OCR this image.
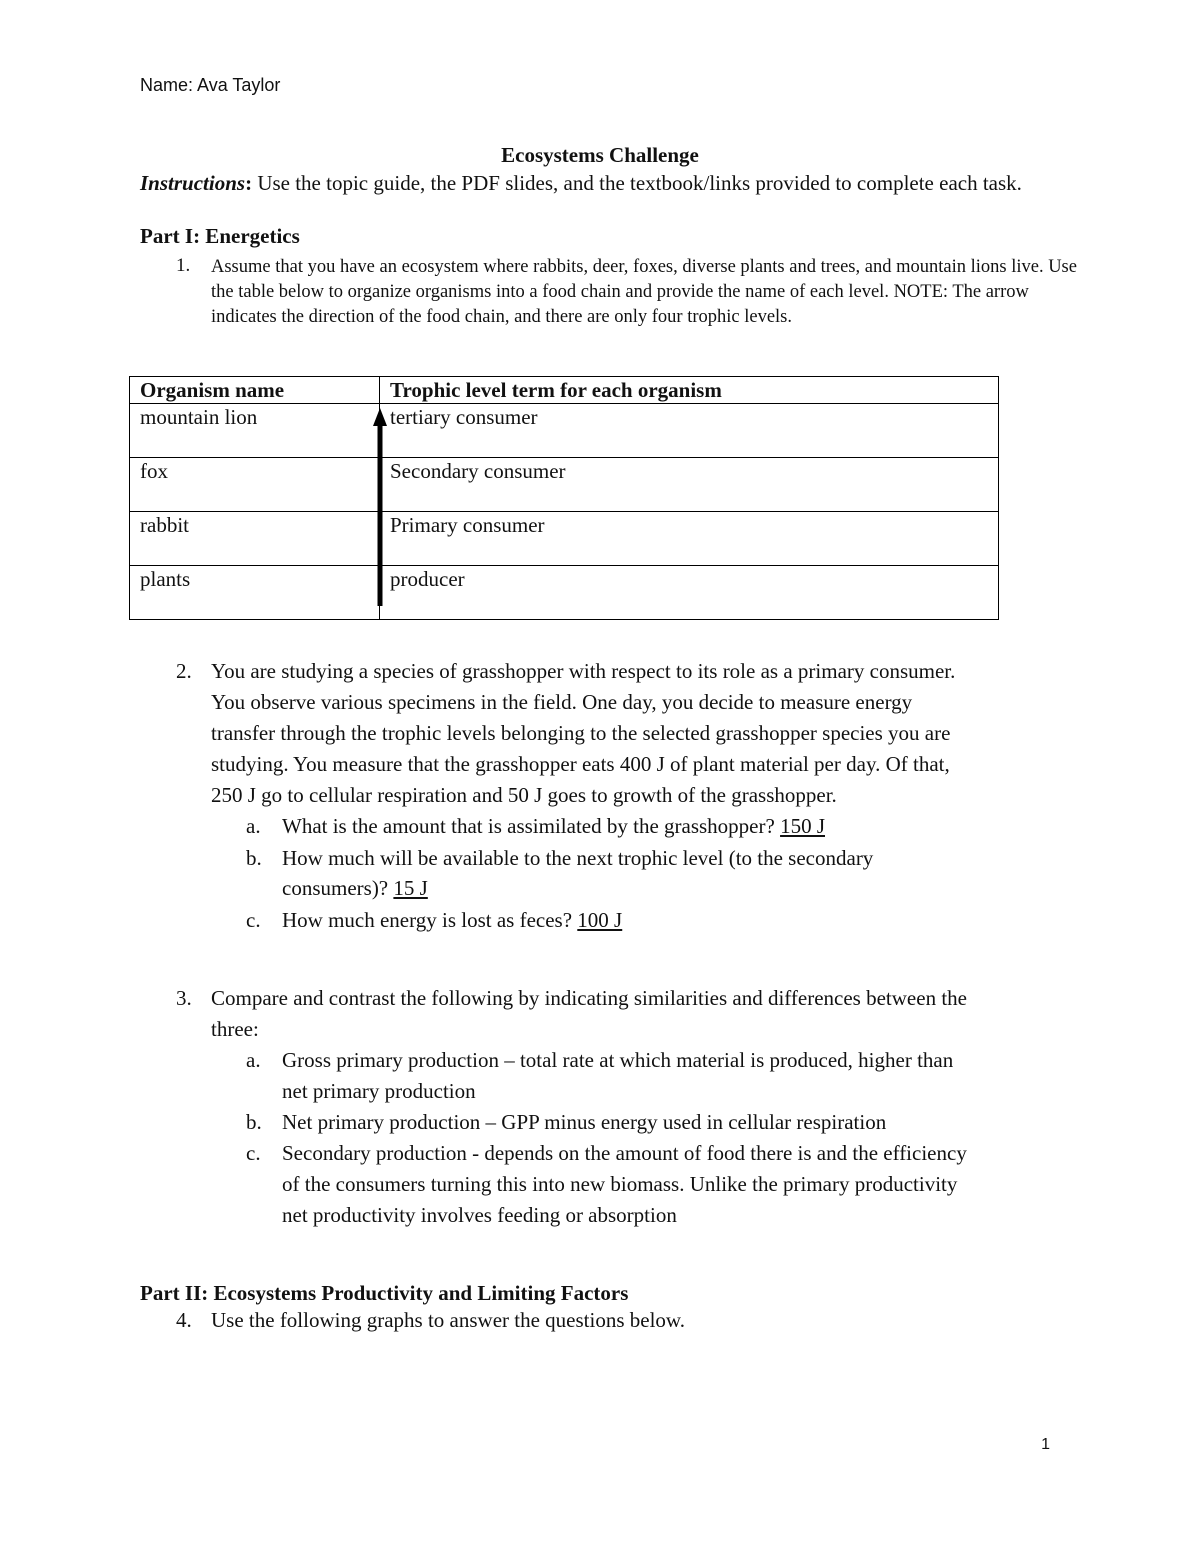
Name: Ava Taylor
Ecosystems Challenge
Instructions: Use the topic guide, the PDF slides, and the textbook/links provided to complete each task.
Part I: Energetics
1. Assume that you have an ecosystem where rabbits, deer, foxes, diverse plants and trees, and mountain lions live. Use the table below to organize organisms into a food chain and provide the name of each level. NOTE: The arrow indicates the direction of the food chain, and there are only four trophic levels.
Organism name	Trophic level term for each organism
mountain lion	tertiary consumer
fox	Secondary consumer
rabbit	Primary consumer
plants	producer
2. You are studying a species of grasshopper with respect to its role as a primary consumer.
You observe various specimens in the field. One day, you decide to measure energy
transfer through the trophic levels belonging to the selected grasshopper species you are
studying. You measure that the grasshopper eats 400 J of plant material per day. Of that,
250 J go to cellular respiration and 50 J goes to growth of the grasshopper.
a. What is the amount that is assimilated by the grasshopper? 150 J
b. How much will be available to the next trophic level (to the secondary
consumers)? 15 J
c. How much energy is lost as feces? 100 J
3. Compare and contrast the following by indicating similarities and differences between the
three:
a. Gross primary production – total rate at which material is produced, higher than
net primary production
b. Net primary production – GPP minus energy used in cellular respiration
c. Secondary production - depends on the amount of food there is and the efficiency
of the consumers turning this into new biomass. Unlike the primary productivity
net productivity involves feeding or absorption
Part II: Ecosystems Productivity and Limiting Factors
4. Use the following graphs to answer the questions below.
1
